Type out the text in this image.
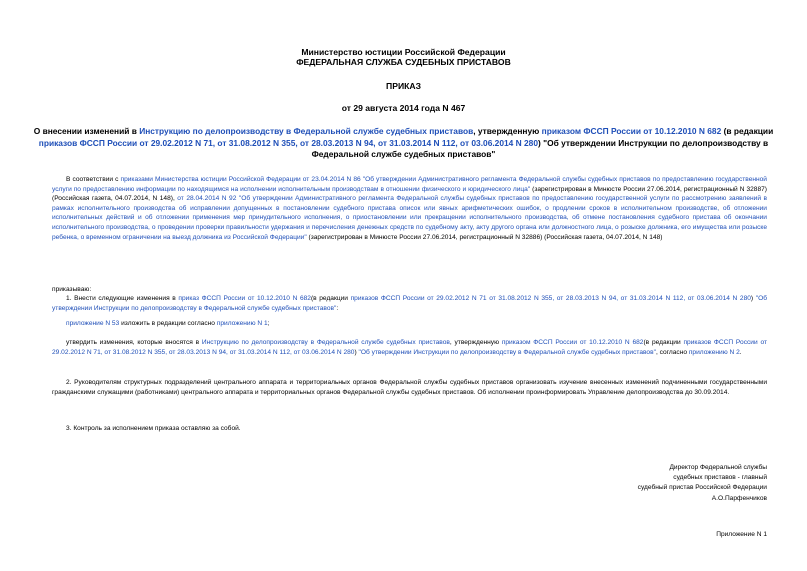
Министерство юстиции Российской Федерации
ФЕДЕРАЛЬНАЯ СЛУЖБА СУДЕБНЫХ ПРИСТАВОВ
ПРИКАЗ
от 29 августа 2014 года N 467
О внесении изменений в Инструкцию по делопроизводству в Федеральной службе судебных приставов, утвержденную приказом ФССП России от 10.12.2010 N 682 (в редакции приказов ФССП России от 29.02.2012 N 71, от 31.08.2012 N 355, от 28.03.2013 N 94, от 31.03.2014 N 112, от 03.06.2014 N 280) "Об утверждении Инструкции по делопроизводству в Федеральной службе судебных приставов"
В соответствии с приказами Министерства юстиции Российской Федерации от 23.04.2014 N 86 "Об утверждении Административного регламента Федеральной службы судебных приставов по предоставлению государственной услуги по предоставлению информации по находящимся на исполнении исполнительным производствам в отношении физического и юридического лица" (зарегистрирован в Минюсте России 27.06.2014, регистрационный N 32887) (Российская газета, 04.07.2014, N 148), от 28.04.2014 N 92 "Об утверждении Административного регламента Федеральной службы судебных приставов по предоставлению государственной услуги по рассмотрению заявлений в рамках исполнительного производства об исправлении допущенных в постановлении судебного пристава описок или явных арифметических ошибок, о продлении сроков в исполнительном производстве, об отложении исполнительных действий и об отложении применения мер принудительного исполнения, о приостановлении или прекращении исполнительного производства, об отмене постановления судебного пристава об окончании исполнительного производства, о проведении проверки правильности удержания и перечисления денежных средств по судебному акту, акту другого органа или должностного лица, о розыске должника, его имущества или розыске ребенка, о временном ограничении на выезд должника из Российской Федерации" (зарегистрирован в Минюсте России 27.06.2014, регистрационный N 32886) (Российская газета, 04.07.2014, N 148)
приказываю:
1. Внести следующие изменения в приказ ФССП России от 10.12.2010 N 682(в редакции приказов ФССП России от 29.02.2012 N 71 от 31.08.2012 N 355, от 28.03.2013 N 94, от 31.03.2014 N 112, от 03.06.2014 N 280) "Об утверждении Инструкции по делопроизводству в Федеральной службе судебных приставов":
приложение N 53 изложить в редакции согласно приложению N 1;
утвердить изменения, которые вносятся в Инструкцию по делопроизводству в Федеральной службе судебных приставов, утвержденную приказом ФССП России от 10.12.2010 N 682(в редакции приказов ФССП России от 29.02.2012 N 71, от 31.08.2012 N 355, от 28.03.2013 N 94, от 31.03.2014 N 112, от 03.06.2014 N 280) "Об утверждении Инструкции по делопроизводству в Федеральной службе судебных приставов", согласно приложению N 2.
2. Руководителям структурных подразделений центрального аппарата и территориальных органов Федеральной службы судебных приставов организовать изучение внесенных изменений подчиненными государственными гражданскими служащими (работниками) центрального аппарата и территориальных органов Федеральной службы судебных приставов. Об исполнении проинформировать Управление делопроизводства до 30.09.2014.
3. Контроль за исполнением приказа оставляю за собой.
Директор Федеральной службы
судебных приставов - главный
судебный пристав Российской Федерации
А.О.Парфенчиков
Приложение N 1
